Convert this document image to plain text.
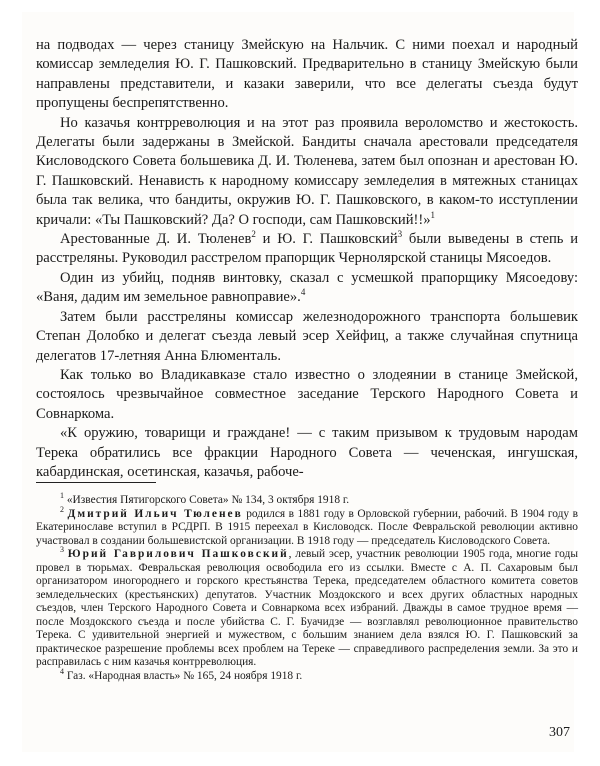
на подводах — через станицу Змейскую на Нальчик. С ними поехал и народный комиссар земледелия Ю. Г. Пашковский. Предварительно в станицу Змейскую были направлены представители, и казаки заверили, что все делегаты съезда будут пропущены беспрепятственно.

Но казачья контрреволюция и на этот раз проявила вероломство и жестокость. Делегаты были задержаны в Змейской. Бандиты сначала арестовали председателя Кисловодского Совета большевика Д. И. Тюленева, затем был опознан и арестован Ю. Г. Пашковский. Ненависть к народному комиссару земледелия в мятежных станицах была так велика, что бандиты, окружив Ю. Г. Пашковского, в каком-то исступлении кричали: «Ты Пашковский? Да? О господи, сам Пашковский!!»$^1$

Арестованные Д. И. Тюленев$^2$ и Ю. Г. Пашковский$^3$ были выведены в степь и расстреляны. Руководил расстрелом прапорщик Чернолярской станицы Мясоедов.

Один из убийц, подняв винтовку, сказал с усмешкой прапорщику Мясоедову: «Ваня, дадим им земельное равноправие».$^4$

Затем были расстреляны комиссар железнодорожного транспорта большевик Степан Долобко и делегат съезда левый эсер Хейфиц, а также случайная спутница делегатов 17-летняя Анна Блюменталь.

Как только во Владикавказе стало известно о злодеянии в станице Змейской, состоялось чрезвычайное совместное заседание Терского Народного Совета и Совнаркома.

«К оружию, товарищи и граждане! — с таким призывом к трудовым народам Терека обратились все фракции Народного Совета — чеченская, ингушская, кабардинская, осетинская, казачья, рабоче-

$^1$ «Известия Пятигорского Совета» № 134, 3 октября 1918 г.

$^2$ Дмитрий Ильич Тюленев родился в 1881 году в Орловской губернии, рабочий. В 1904 году в Екатеринославе вступил в РСДРП. В 1915 переехал в Кисловодск. После Февральской революции активно участвовал в создании большевистской организации. В 1918 году — председатель Кисловодского Совета.

$^3$ Юрий Гаврилович Пашковский, левый эсер, участник революции 1905 года, многие годы провел в тюрьмах. Февральская революция освободила его из ссылки. Вместе с А. П. Сахаровым был организатором иногороднего и горского крестьянства Терека, председателем областного комитета советов земледельческих (крестьянских) депутатов. Участник Моздокского и всех других областных народных съездов, член Терского Народного Совета и Совнаркома всех избраний. Дважды в самое трудное время — после Моздокского съезда и после убийства С. Г. Буачидзе — возглавлял революционное правительство Терека. С удивительной энергией и мужеством, с большим знанием дела взялся Ю. Г. Пашковский за практическое разрешение проблемы всех проблем на Тереке — справедливого распределения земли. За это и расправилась с ним казачья контрреволюция.

$^4$ Газ. «Народная власть» № 165, 24 ноября 1918 г.

307
